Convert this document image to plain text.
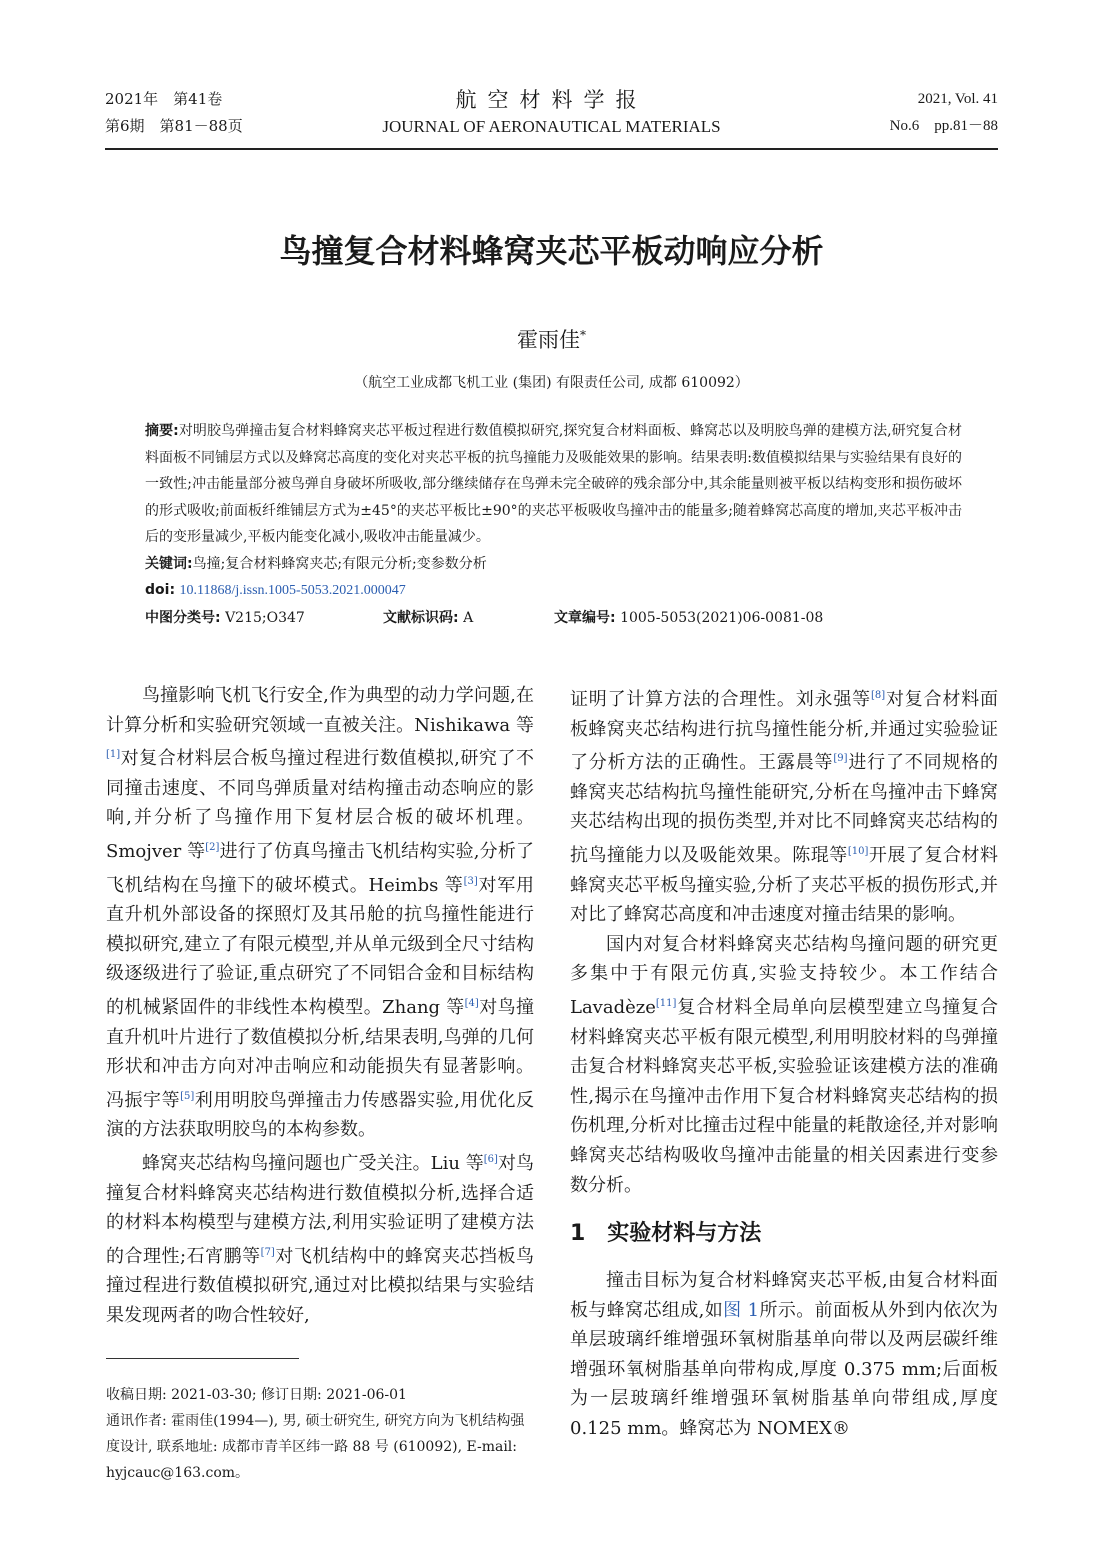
2021年　第41卷
第6期　第81－88页
航空材料学报
JOURNAL OF AERONAUTICAL MATERIALS
2021, Vol. 41
No.6　pp.81－88
鸟撞复合材料蜂窝夹芯平板动响应分析
霍雨佳*
（航空工业成都飞机工业 (集团) 有限责任公司, 成都 610092）

摘要:对明胶鸟弹撞击复合材料蜂窝夹芯平板过程进行数值模拟研究,探究复合材料面板、蜂窝芯以及明胶鸟弹的建模方法,研究复合材料面板不同铺层方式以及蜂窝芯高度的变化对夹芯平板的抗鸟撞能力及吸能效果的影响。结果表明:数值模拟结果与实验结果有良好的一致性;冲击能量部分被鸟弹自身破坏所吸收,部分继续储存在鸟弹未完全破碎的残余部分中,其余能量则被平板以结构变形和损伤破坏的形式吸收;前面板纤维铺层方式为±45°的夹芯平板比±90°的夹芯平板吸收鸟撞冲击的能量多;随着蜂窝芯高度的增加,夹芯平板冲击后的变形量减少,平板内能变化减小,吸收冲击能量减少。

关键词:鸟撞;复合材料蜂窝夹芯;有限元分析;变参数分析

doi: 10.11868/j.issn.1005-5053.2021.000047

中图分类号: V215;O347	文献标识码: A	文章编号: 1005-5053(2021)06-0081-08

鸟撞影响飞机飞行安全,作为典型的动力学问题,在计算分析和实验研究领域一直被关注。Nishikawa 等[1]对复合材料层合板鸟撞过程进行数值模拟,研究了不同撞击速度、不同鸟弹质量对结构撞击动态响应的影响,并分析了鸟撞作用下复材层合板的破坏机理。Smojver 等[2]进行了仿真鸟撞击飞机结构实验,分析了飞机结构在鸟撞下的破坏模式。Heimbs 等[3]对军用直升机外部设备的探照灯及其吊舱的抗鸟撞性能进行模拟研究,建立了有限元模型,并从单元级到全尺寸结构级逐级进行了验证,重点研究了不同铝合金和目标结构的机械紧固件的非线性本构模型。Zhang 等[4]对鸟撞直升机叶片进行了数值模拟分析,结果表明,鸟弹的几何形状和冲击方向对冲击响应和动能损失有显著影响。冯振宇等[5]利用明胶鸟弹撞击力传感器实验,用优化反演的方法获取明胶鸟的本构参数。

蜂窝夹芯结构鸟撞问题也广受关注。Liu 等[6]对鸟撞复合材料蜂窝夹芯结构进行数值模拟分析,选择合适的材料本构模型与建模方法,利用实验证明了建模方法的合理性;石宵鹏等[7]对飞机结构中的蜂窝夹芯挡板鸟撞过程进行数值模拟研究,通过对比模拟结果与实验结果发现两者的吻合性较好,

证明了计算方法的合理性。刘永强等[8]对复合材料面板蜂窝夹芯结构进行抗鸟撞性能分析,并通过实验验证了分析方法的正确性。王露晨等[9]进行了不同规格的蜂窝夹芯结构抗鸟撞性能研究,分析在鸟撞冲击下蜂窝夹芯结构出现的损伤类型,并对比不同蜂窝夹芯结构的抗鸟撞能力以及吸能效果。陈琨等[10]开展了复合材料蜂窝夹芯平板鸟撞实验,分析了夹芯平板的损伤形式,并对比了蜂窝芯高度和冲击速度对撞击结果的影响。

国内对复合材料蜂窝夹芯结构鸟撞问题的研究更多集中于有限元仿真,实验支持较少。本工作结合 Lavadèze[11]复合材料全局单向层模型建立鸟撞复合材料蜂窝夹芯平板有限元模型,利用明胶材料的鸟弹撞击复合材料蜂窝夹芯平板,实验验证该建模方法的准确性,揭示在鸟撞冲击作用下复合材料蜂窝夹芯结构的损伤机理,分析对比撞击过程中能量的耗散途径,并对影响蜂窝夹芯结构吸收鸟撞冲击能量的相关因素进行变参数分析。

1　实验材料与方法

撞击目标为复合材料蜂窝夹芯平板,由复合材料面板与蜂窝芯组成,如图 1所示。前面板从外到内依次为单层玻璃纤维增强环氧树脂基单向带以及两层碳纤维增强环氧树脂基单向带构成,厚度 0.375 mm;后面板为一层玻璃纤维增强环氧树脂基单向带组成,厚度 0.125 mm。蜂窝芯为 NOMEX®

收稿日期: 2021-03-30; 修订日期: 2021-06-01

通讯作者: 霍雨佳(1994—), 男, 硕士研究生, 研究方向为飞机结构强度设计, 联系地址: 成都市青羊区纬一路 88 号 (610092), E-mail: hyjcauc@163.com。
